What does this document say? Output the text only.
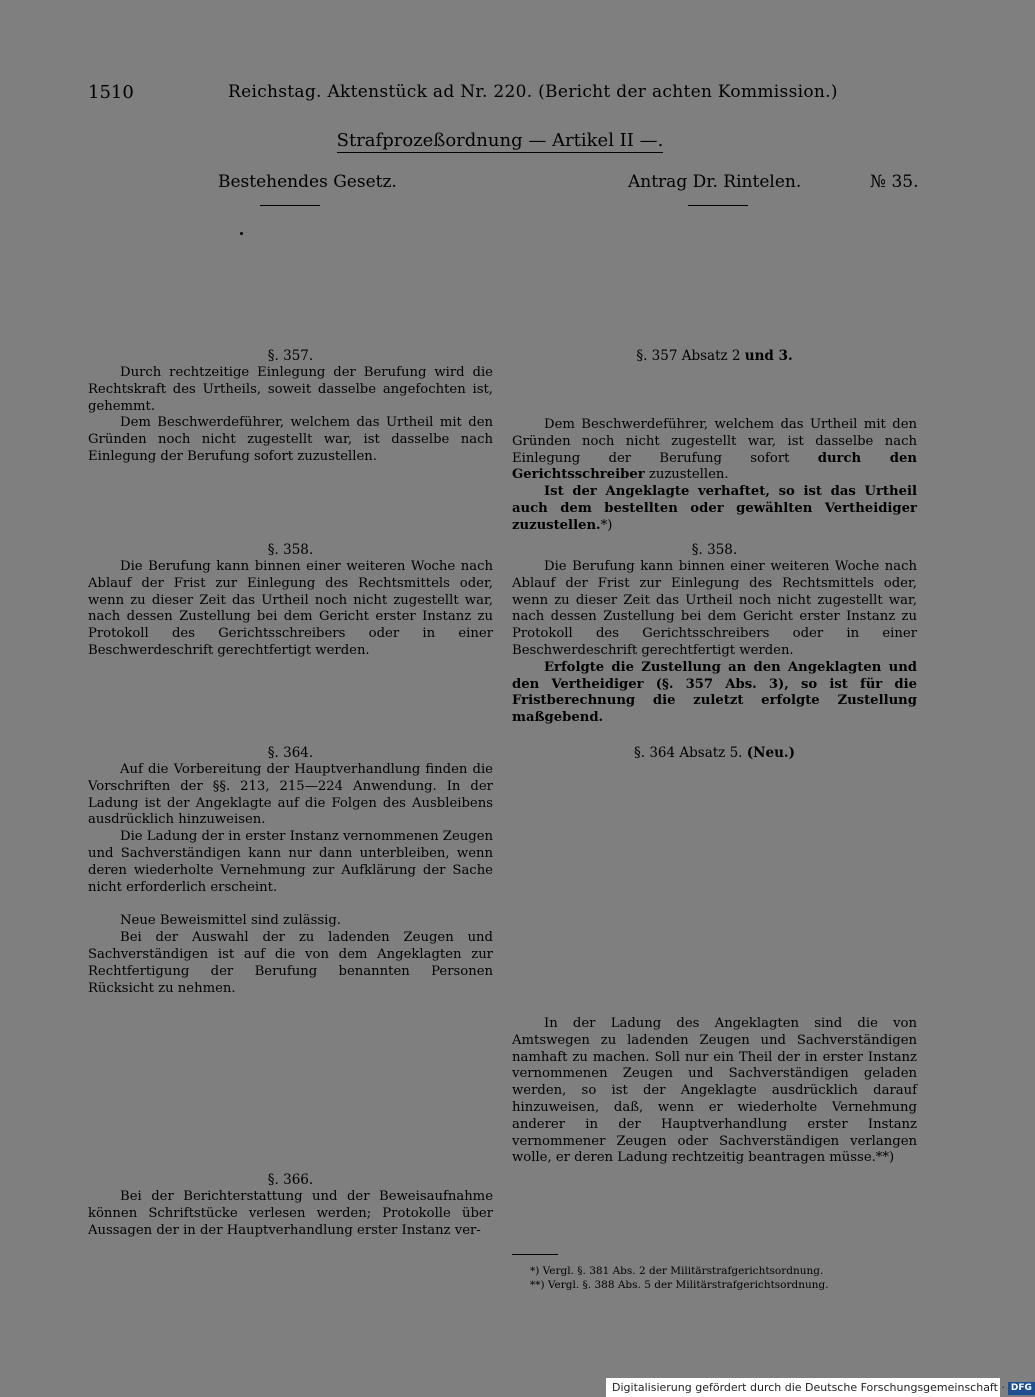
1510	Reichstag. Aktenstück ad Nr. 220. (Bericht der achten Kommission.)
Strafprozeßordnung — Artikel II —.
Bestehendes Gesetz.	Antrag Dr. Rintelen.	№ 35.
§. 357.

Durch rechtzeitige Einlegung der Berufung wird die Rechtskraft des Urtheils, soweit dasselbe angefochten ist, gehemmt.

Dem Beschwerdeführer, welchem das Urtheil mit den Gründen noch nicht zugestellt war, ist dasselbe nach Einlegung der Berufung sofort zuzustellen.

§. 358.

Die Berufung kann binnen einer weiteren Woche nach Ablauf der Frist zur Einlegung des Rechtsmittels oder, wenn zu dieser Zeit das Urtheil noch nicht zugestellt war, nach dessen Zustellung bei dem Gericht erster Instanz zu Protokoll des Gerichtsschreibers oder in einer Beschwerdeschrift gerechtfertigt werden.

§. 364.

Auf die Vorbereitung der Hauptverhandlung finden die Vorschriften der §§. 213, 215—224 Anwendung. In der Ladung ist der Angeklagte auf die Folgen des Ausbleibens ausdrücklich hinzuweisen.

Die Ladung der in erster Instanz vernommenen Zeugen und Sachverständigen kann nur dann unterbleiben, wenn deren wiederholte Vernehmung zur Aufklärung der Sache nicht erforderlich erscheint.

Neue Beweismittel sind zulässig.

Bei der Auswahl der zu ladenden Zeugen und Sachverständigen ist auf die von dem Angeklagten zur Rechtfertigung der Berufung benannten Personen Rücksicht zu nehmen.

§. 366.

Bei der Berichterstattung und der Beweisaufnahme können Schriftstücke verlesen werden; Protokolle über Aussagen der in der Hauptverhandlung erster Instanz ver-

§. 357 Absatz 2 und 3.

Dem Beschwerdeführer, welchem das Urtheil mit den Gründen noch nicht zugestellt war, ist dasselbe nach Einlegung der Berufung sofort durch den Gerichtsschreiber zuzustellen.

Ist der Angeklagte verhaftet, so ist das Urtheil auch dem bestellten oder gewählten Vertheidiger zuzustellen.*)

§. 358.

Die Berufung kann binnen einer weiteren Woche nach Ablauf der Frist zur Einlegung des Rechtsmittels oder, wenn zu dieser Zeit das Urtheil noch nicht zugestellt war, nach dessen Zustellung bei dem Gericht erster Instanz zu Protokoll des Gerichtsschreibers oder in einer Beschwerdeschrift gerechtfertigt werden.

Erfolgte die Zustellung an den Angeklagten und den Vertheidiger (§. 357 Abs. 3), so ist für die Fristberechnung die zuletzt erfolgte Zustellung maßgebend.

§. 364 Absatz 5. (Neu.)

In der Ladung des Angeklagten sind die von Amtswegen zu ladenden Zeugen und Sachverständigen namhaft zu machen. Soll nur ein Theil der in erster Instanz vernommenen Zeugen und Sachverständigen geladen werden, so ist der Angeklagte ausdrücklich darauf hinzuweisen, daß, wenn er wiederholte Vernehmung anderer in der Hauptverhandlung erster Instanz vernommener Zeugen oder Sachverständigen verlangen wolle, er deren Ladung rechtzeitig beantragen müsse.**)

*) Vergl. §. 381 Abs. 2 der Militärstrafgerichtsordnung.
**) Vergl. §. 388 Abs. 5 der Militärstrafgerichtsordnung.
Digitalisierung gefördert durch die Deutsche Forschungsgemeinschaft · DFG
